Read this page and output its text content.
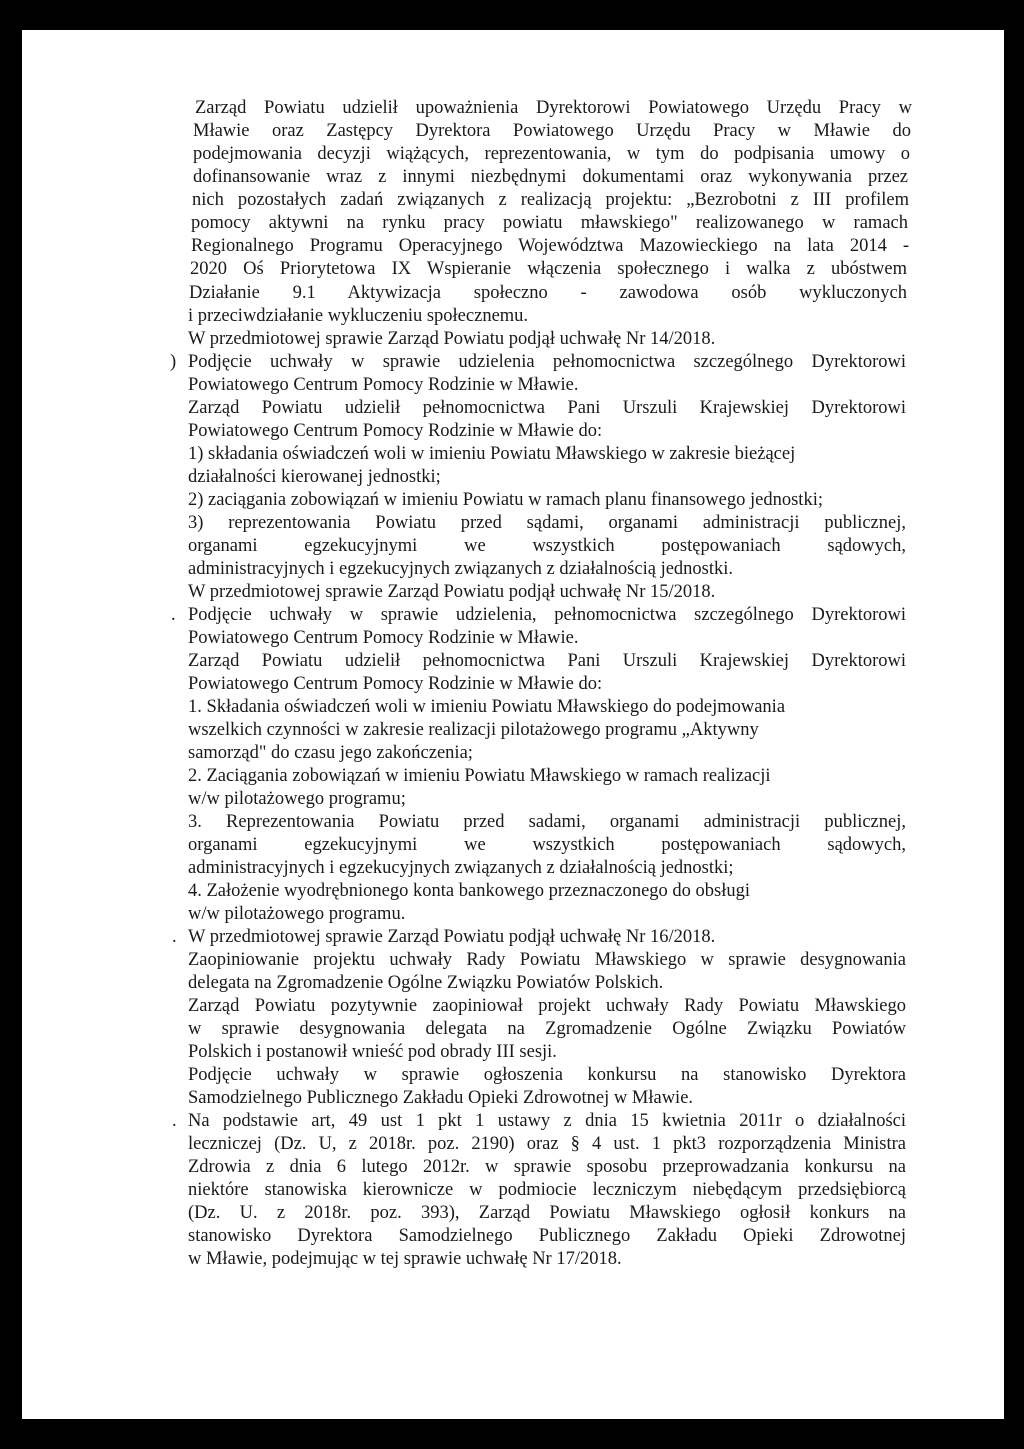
Zarząd Powiatu udzielił upoważnienia Dyrektorowi Powiatowego Urzędu Pracy w
Mławie oraz Zastępcy Dyrektora Powiatowego Urzędu Pracy w Mławie do
podejmowania decyzji wiążących, reprezentowania, w tym do podpisania umowy o
dofinansowanie wraz z innymi niezbędnymi dokumentami oraz wykonywania przez
nich pozostałych zadań związanych z realizacją projektu: „Bezrobotni z III profilem
pomocy aktywni na rynku pracy powiatu mławskiego" realizowanego w ramach
Regionalnego Programu Operacyjnego Województwa Mazowieckiego na lata 2014 -
2020 Oś Priorytetowa IX Wspieranie włączenia społecznego i walka z ubóstwem
Działanie 9.1 Aktywizacja społeczno - zawodowa osób wykluczonych
i przeciwdziałanie wykluczeniu społecznemu.
W przedmiotowej sprawie Zarząd Powiatu podjął uchwałę Nr 14/2018.
Podjęcie uchwały w sprawie udzielenia pełnomocnictwa szczególnego Dyrektorowi
Powiatowego Centrum Pomocy Rodzinie w Mławie.
Zarząd Powiatu udzielił pełnomocnictwa Pani Urszuli Krajewskiej Dyrektorowi
Powiatowego Centrum Pomocy Rodzinie w Mławie do:
1) składania oświadczeń woli w imieniu Powiatu Mławskiego w zakresie bieżącej
działalności kierowanej jednostki;
2) zaciągania zobowiązań w imieniu Powiatu w ramach planu finansowego jednostki;
3) reprezentowania Powiatu przed sądami, organami administracji publicznej,
organami egzekucyjnymi we wszystkich postępowaniach sądowych,
administracyjnych i egzekucyjnych związanych z działalnością jednostki.
W przedmiotowej sprawie Zarząd Powiatu podjął uchwałę Nr 15/2018.
Podjęcie uchwały w sprawie udzielenia, pełnomocnictwa szczególnego Dyrektorowi
Powiatowego Centrum Pomocy Rodzinie w Mławie.
Zarząd Powiatu udzielił pełnomocnictwa Pani Urszuli Krajewskiej Dyrektorowi
Powiatowego Centrum Pomocy Rodzinie w Mławie do:
1. Składania oświadczeń woli w imieniu Powiatu Mławskiego do podejmowania
wszelkich czynności w zakresie realizacji pilotażowego programu „Aktywny
samorząd" do czasu jego zakończenia;
2. Zaciągania zobowiązań w imieniu Powiatu Mławskiego w ramach realizacji
w/w pilotażowego programu;
3. Reprezentowania Powiatu przed sadami, organami administracji publicznej,
organami egzekucyjnymi we wszystkich postępowaniach sądowych,
administracyjnych i egzekucyjnych związanych z działalnością jednostki;
4. Założenie wyodrębnionego konta bankowego przeznaczonego do obsługi
w/w pilotażowego programu.
W przedmiotowej sprawie Zarząd Powiatu podjął uchwałę Nr 16/2018.
Zaopiniowanie projektu uchwały Rady Powiatu Mławskiego w sprawie desygnowania
delegata na Zgromadzenie Ogólne Związku Powiatów Polskich.
Zarząd Powiatu pozytywnie zaopiniował projekt uchwały Rady Powiatu Mławskiego
w sprawie desygnowania delegata na Zgromadzenie Ogólne Związku Powiatów
Polskich i postanowił wnieść pod obrady III sesji.
Podjęcie uchwały w sprawie ogłoszenia konkursu na stanowisko Dyrektora
Samodzielnego Publicznego Zakładu Opieki Zdrowotnej w Mławie.
Na podstawie art, 49 ust 1 pkt 1 ustawy z dnia 15 kwietnia 2011r o działalności
leczniczej (Dz. U, z 2018r. poz. 2190) oraz § 4 ust. 1 pkt3 rozporządzenia Ministra
Zdrowia z dnia 6 lutego 2012r. w sprawie sposobu przeprowadzania konkursu na
niektóre stanowiska kierownicze w podmiocie leczniczym niebędącym przedsiębiorcą
(Dz. U. z 2018r. poz. 393), Zarząd Powiatu Mławskiego ogłosił konkurs na
stanowisko Dyrektora Samodzielnego Publicznego Zakładu Opieki Zdrowotnej
w Mławie, podejmując w tej sprawie uchwałę Nr 17/2018.
)
.
.
.
